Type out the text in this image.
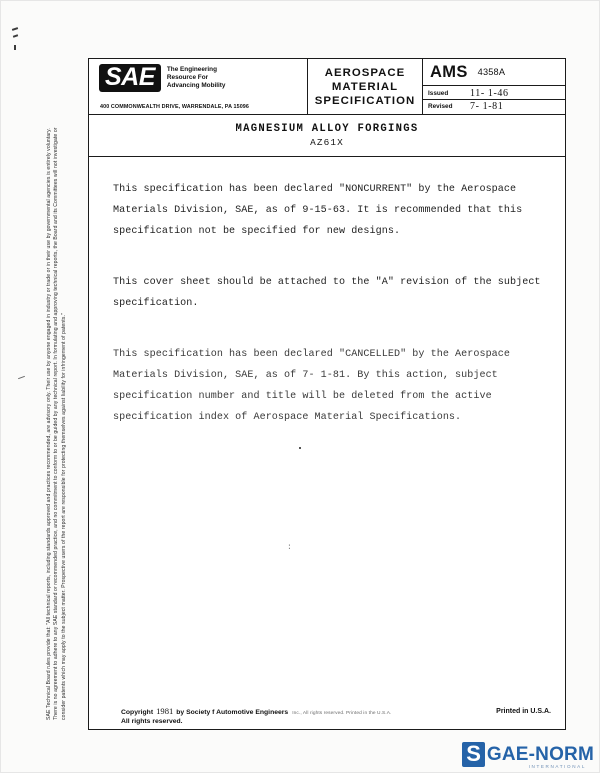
SAE Technical Board rules provide that: "All technical reports, including standards approved and practices recommended, are advisory only. Their use by anyone engaged in industry or trade or in their use by governmental agencies is entirely voluntary. There is no agreement to adhere to any SAE standard or recommended practice, and no commitment to conform to or be guided by any technical report. In formulating and approving technical reports, the Board and its Committees will not investigate or consider patents which may apply to the subject matter. Prospective users of the report are responsible for protecting themselves against liability for infringement of patents."
SAE	The Engineering
Resource For
Advancing Mobility
400 COMMONWEALTH DRIVE, WARRENDALE, PA 15096
AEROSPACE
MATERIAL
SPECIFICATION
AMS 4358A
Issued	11- 1-46
Revised	7- 1-81
MAGNESIUM ALLOY FORGINGS
AZ61X

This specification has been declared "NONCURRENT" by the Aerospace Materials Division, SAE, as of 9-15-63. It is recommended that this specification not be specified for new designs.

This cover sheet should be attached to the "A" revision of the subject specification.

This specification has been declared "CANCELLED" by the Aerospace Materials Division, SAE, as of 7- 1-81. By this action, subject specification number and title will be deleted from the active specification index of Aerospace Material Specifications.

:
Copyright 1981 by Society f Automotive Engineers Inc., All rights reserved. Printed in the U.S.A.
All rights reserved.
Printed in U.S.A.
S GAE-NORM
INTERNATIONAL
